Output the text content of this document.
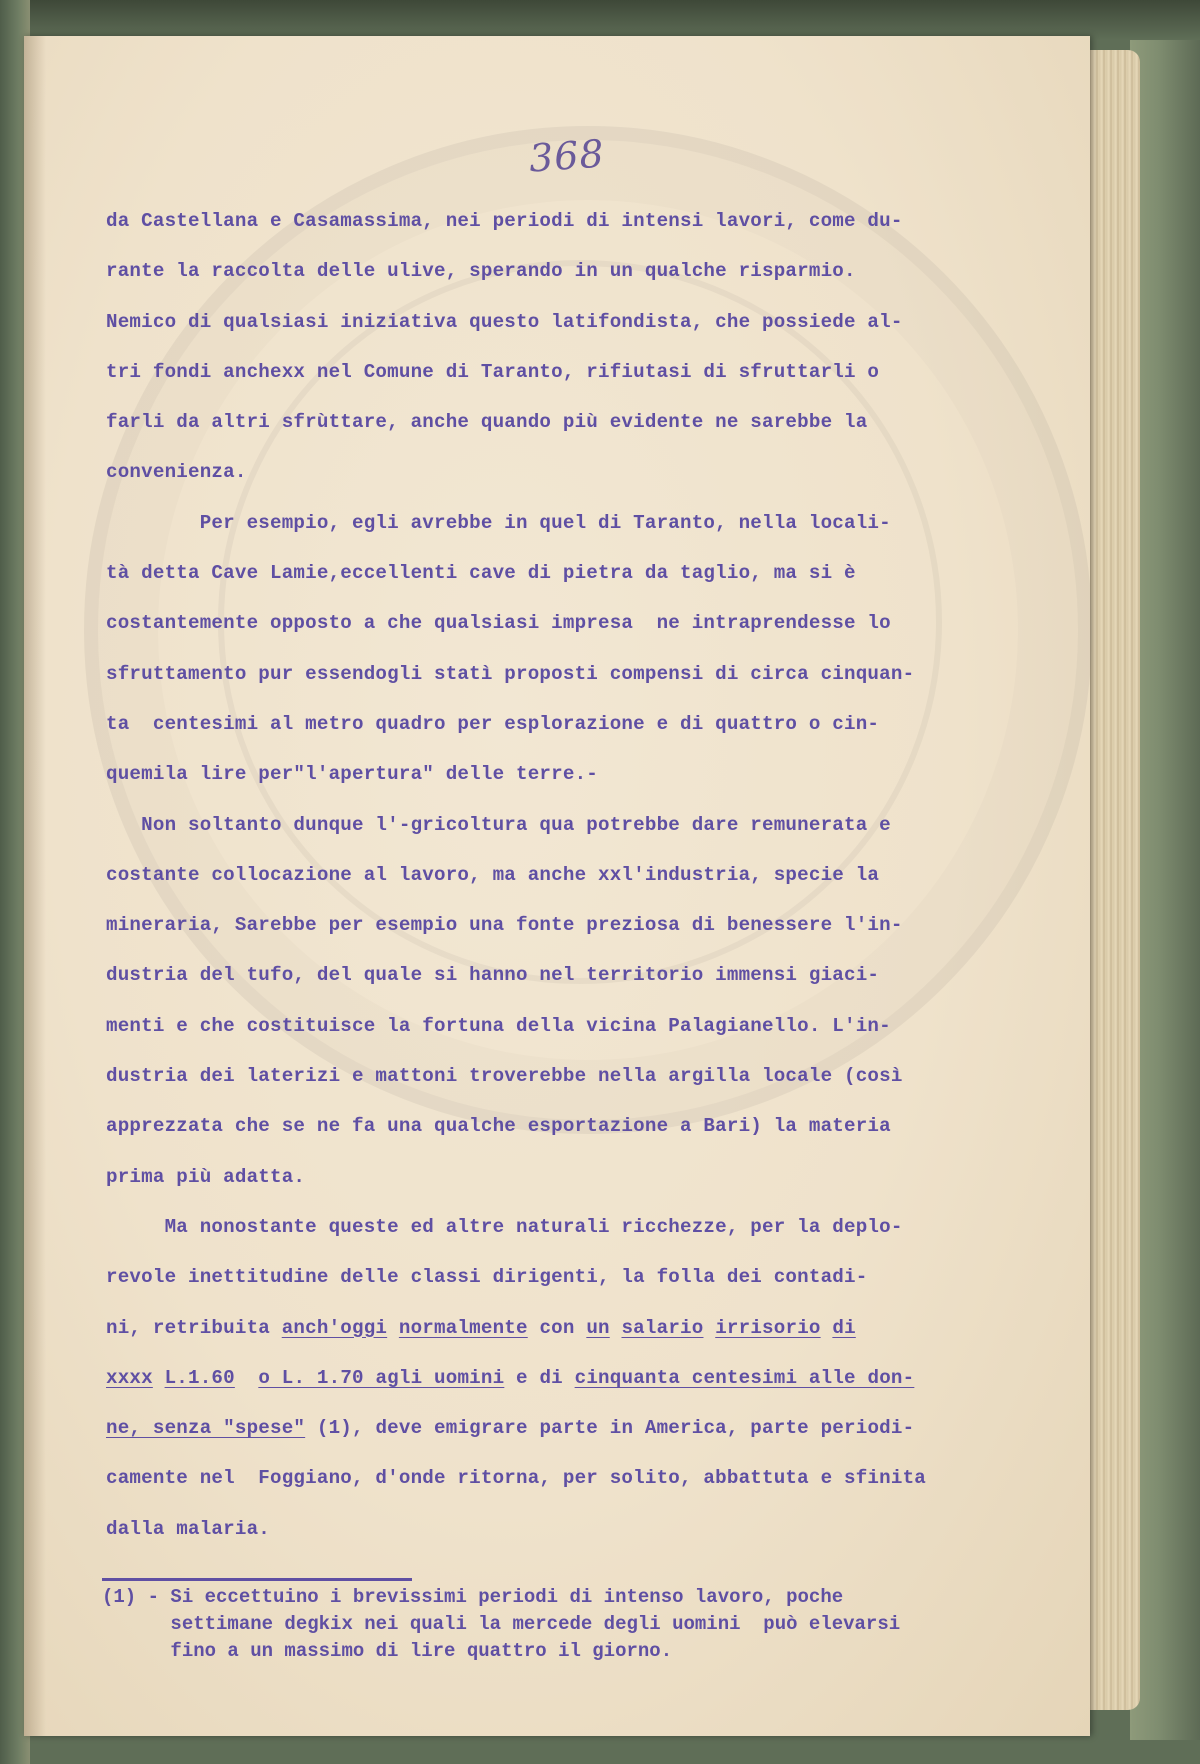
368
da Castellana e Casamassima, nei periodi di intensi lavori, come du-
rante la raccolta delle ulive, sperando in un qualche risparmio.
Nemico di qualsiasi iniziativa questo latifondista, che possiede al-
tri fondi anchexx nel Comune di Taranto, rifiutasi di sfruttarli o
farli da altri sfrùttare, anche quando più evidente ne sarebbe la
convenienza.
Per esempio, egli avrebbe in quel di Taranto, nella locali-
tà detta Cave Lamie,eccellenti cave di pietra da taglio, ma si è
costantemente opposto a che qualsiasi impresa  ne intraprendesse lo
sfruttamento pur essendogli statì proposti compensi di circa cinquan-
ta  centesimi al metro quadro per esplorazione e di quattro o cin-
quemila lire per"l'apertura" delle terre.-
Non soltanto dunque l'-gricoltura qua potrebbe dare remunerata e
costante collocazione al lavoro, ma anche xxl'industria, specie la
mineraria, Sarebbe per esempio una fonte preziosa di benessere l'in-
dustria del tufo, del quale si hanno nel territorio immensi giaci-
menti e che costituisce la fortuna della vicina Palagianello. L'in-
dustria dei laterizi e mattoni troverebbe nella argilla locale (così
apprezzata che se ne fa una qualche esportazione a Bari) la materia
prima più adatta.
Ma nonostante queste ed altre naturali ricchezze, per la deplo-
revole inettitudine delle classi dirigenti, la folla dei contadi-
ni, retribuita anch'oggi normalmente con un salario irrisorio di
xxxx L.1.60 o L. 1.70 agli uomini e di cinquanta centesimi alle don-
ne, senza "spese" (1), deve emigrare parte in America, parte periodi-
camente nel  Foggiano, d'onde ritorna, per solito, abbattuta e sfinita
dalla malaria.
(1) - Si eccettuino i brevissimi periodi di intenso lavoro, poche
settimane degkix nei quali la mercede degli uomini  può elevarsi
fino a un massimo di lire quattro il giorno.
